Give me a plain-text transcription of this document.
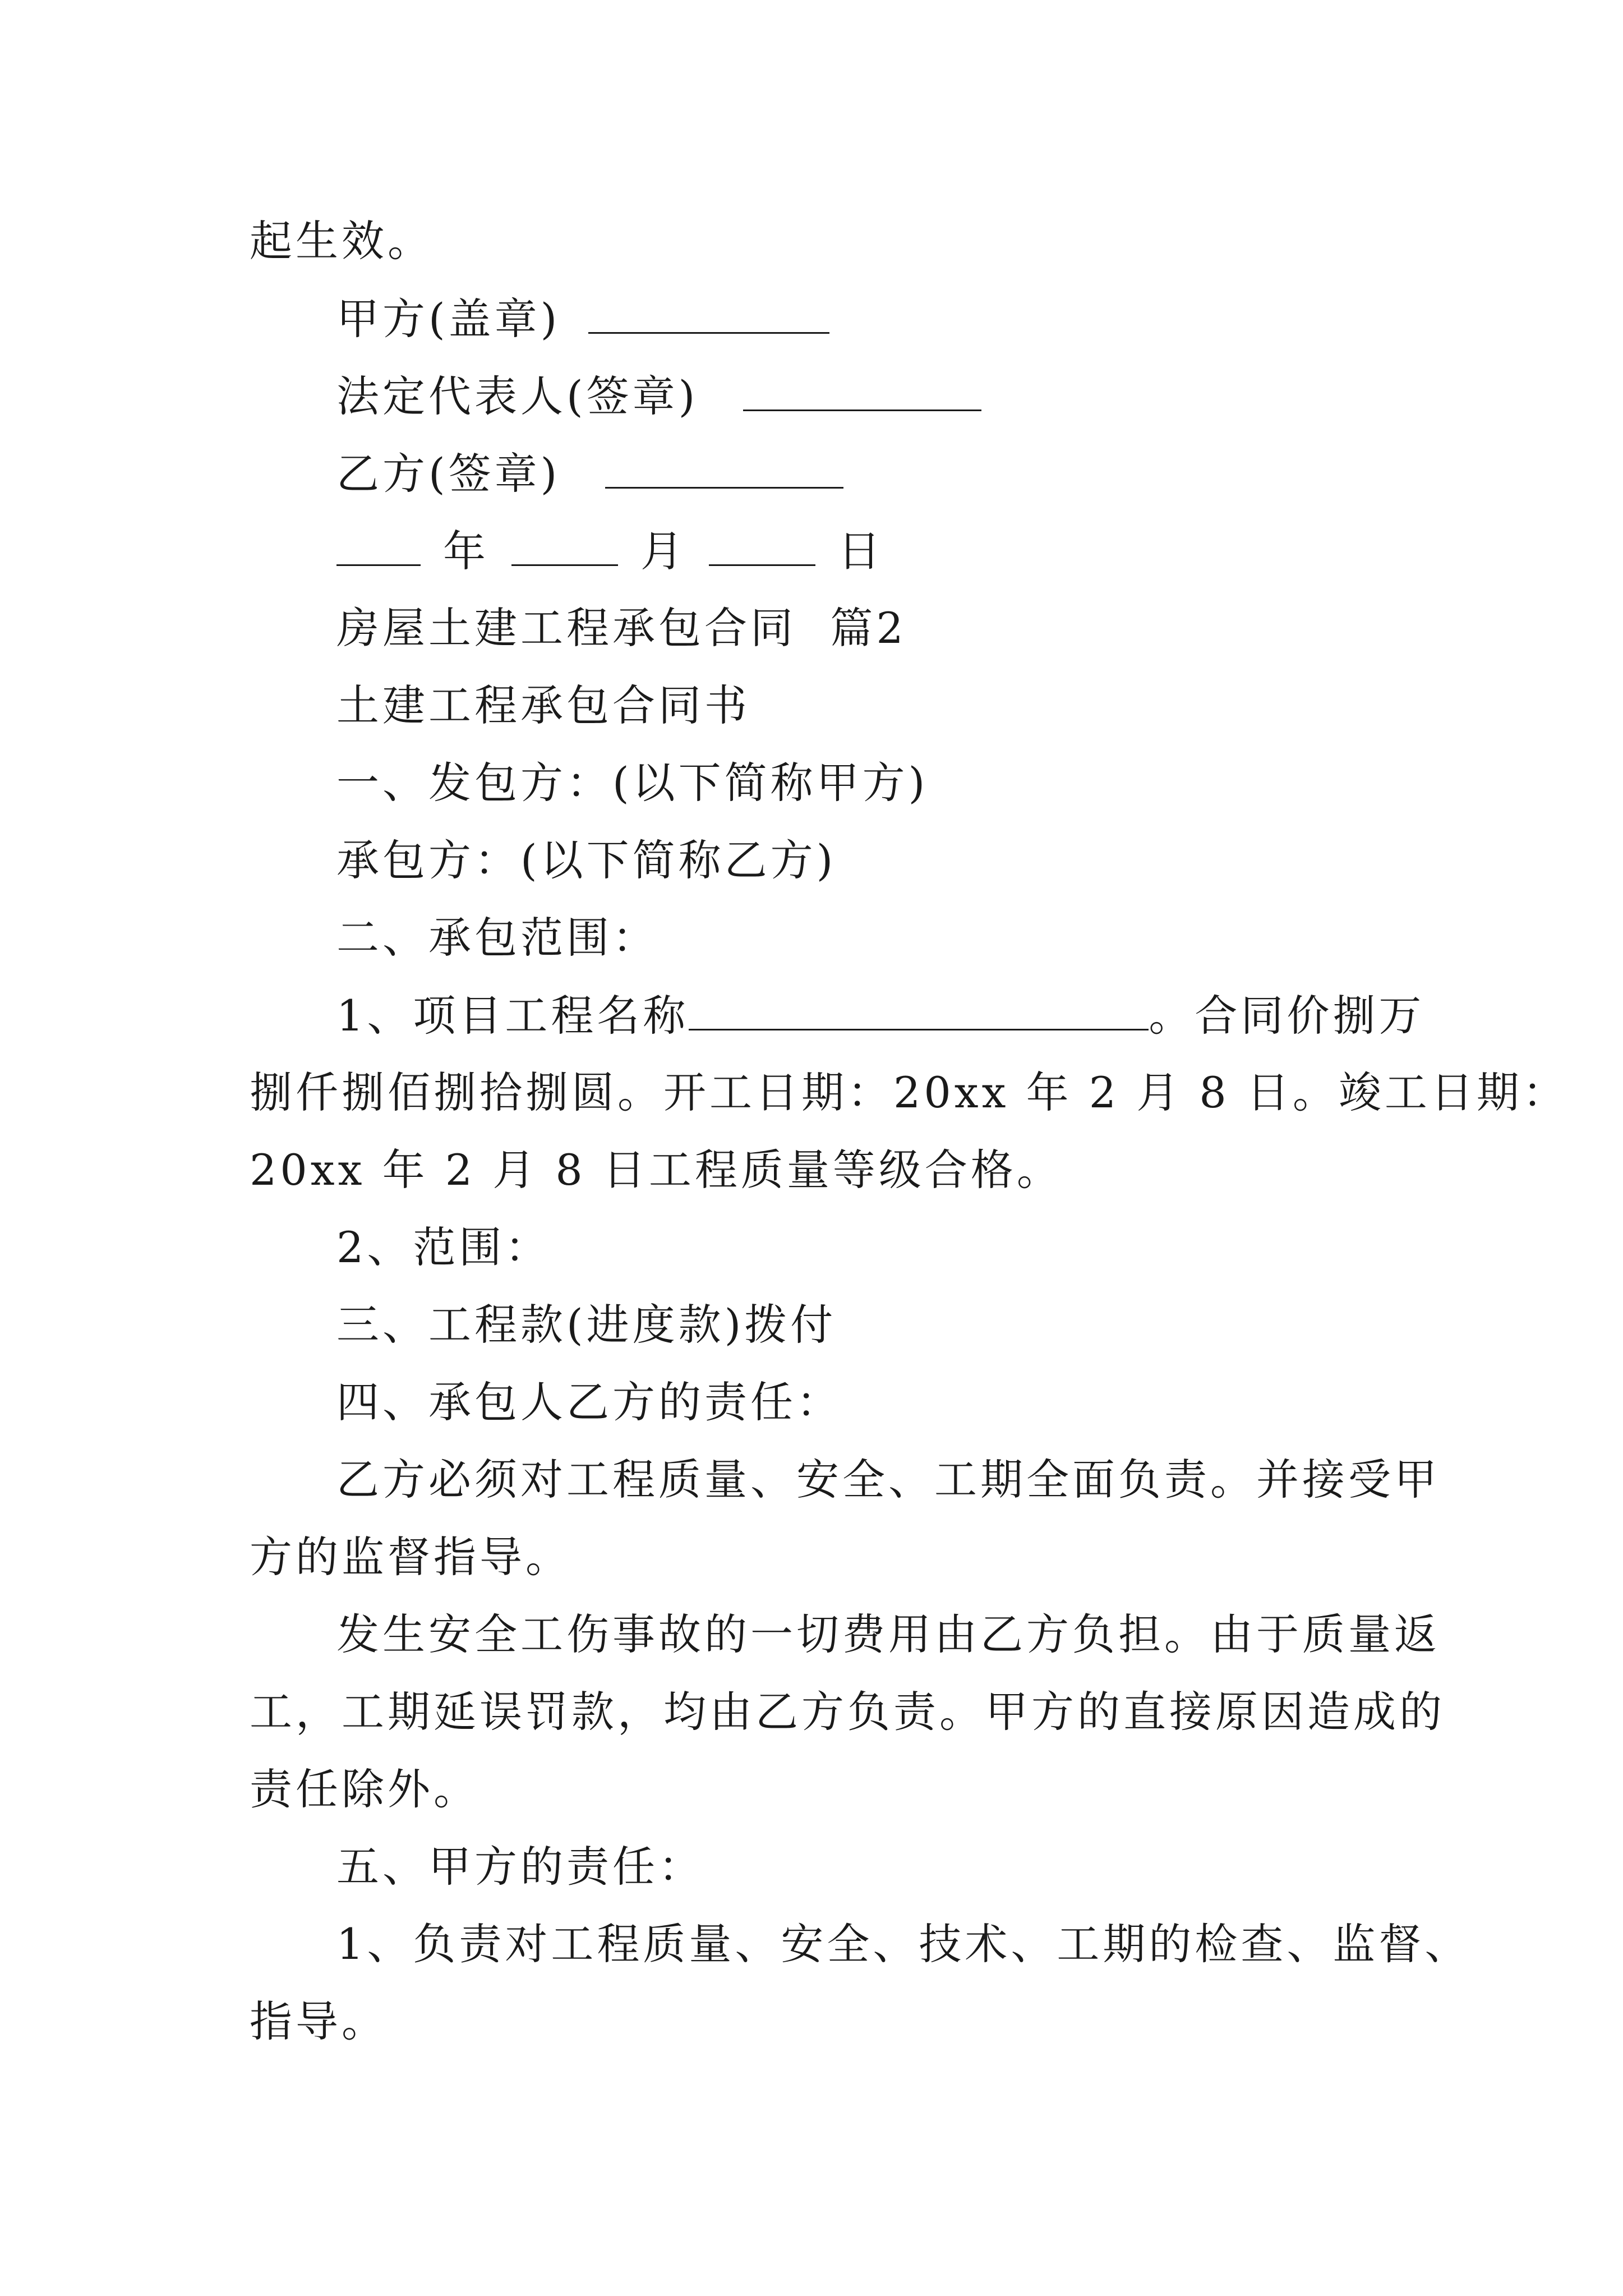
起生效。
甲方(盖章)
法定代表人(签章)
乙方(签章)
年	月	日
房屋土建工程承包合同  篇2
土建工程承包合同书
一、发包方：(以下简称甲方)
承包方：(以下简称乙方)
二、承包范围：
1、项目工程名称	。合同价捌万
捌仟捌佰捌拾捌圆。开工日期：20xx 年 2 月 8 日。竣工日期：
20xx 年 2 月 8 日工程质量等级合格。
2、范围：
三、工程款(进度款)拨付
四、承包人乙方的责任：
乙方必须对工程质量、安全、工期全面负责。并接受甲
方的监督指导。
发生安全工伤事故的一切费用由乙方负担。由于质量返
工，工期延误罚款，均由乙方负责。甲方的直接原因造成的
责任除外。
五、甲方的责任：
1、负责对工程质量、安全、技术、工期的检查、监督、
指导。
